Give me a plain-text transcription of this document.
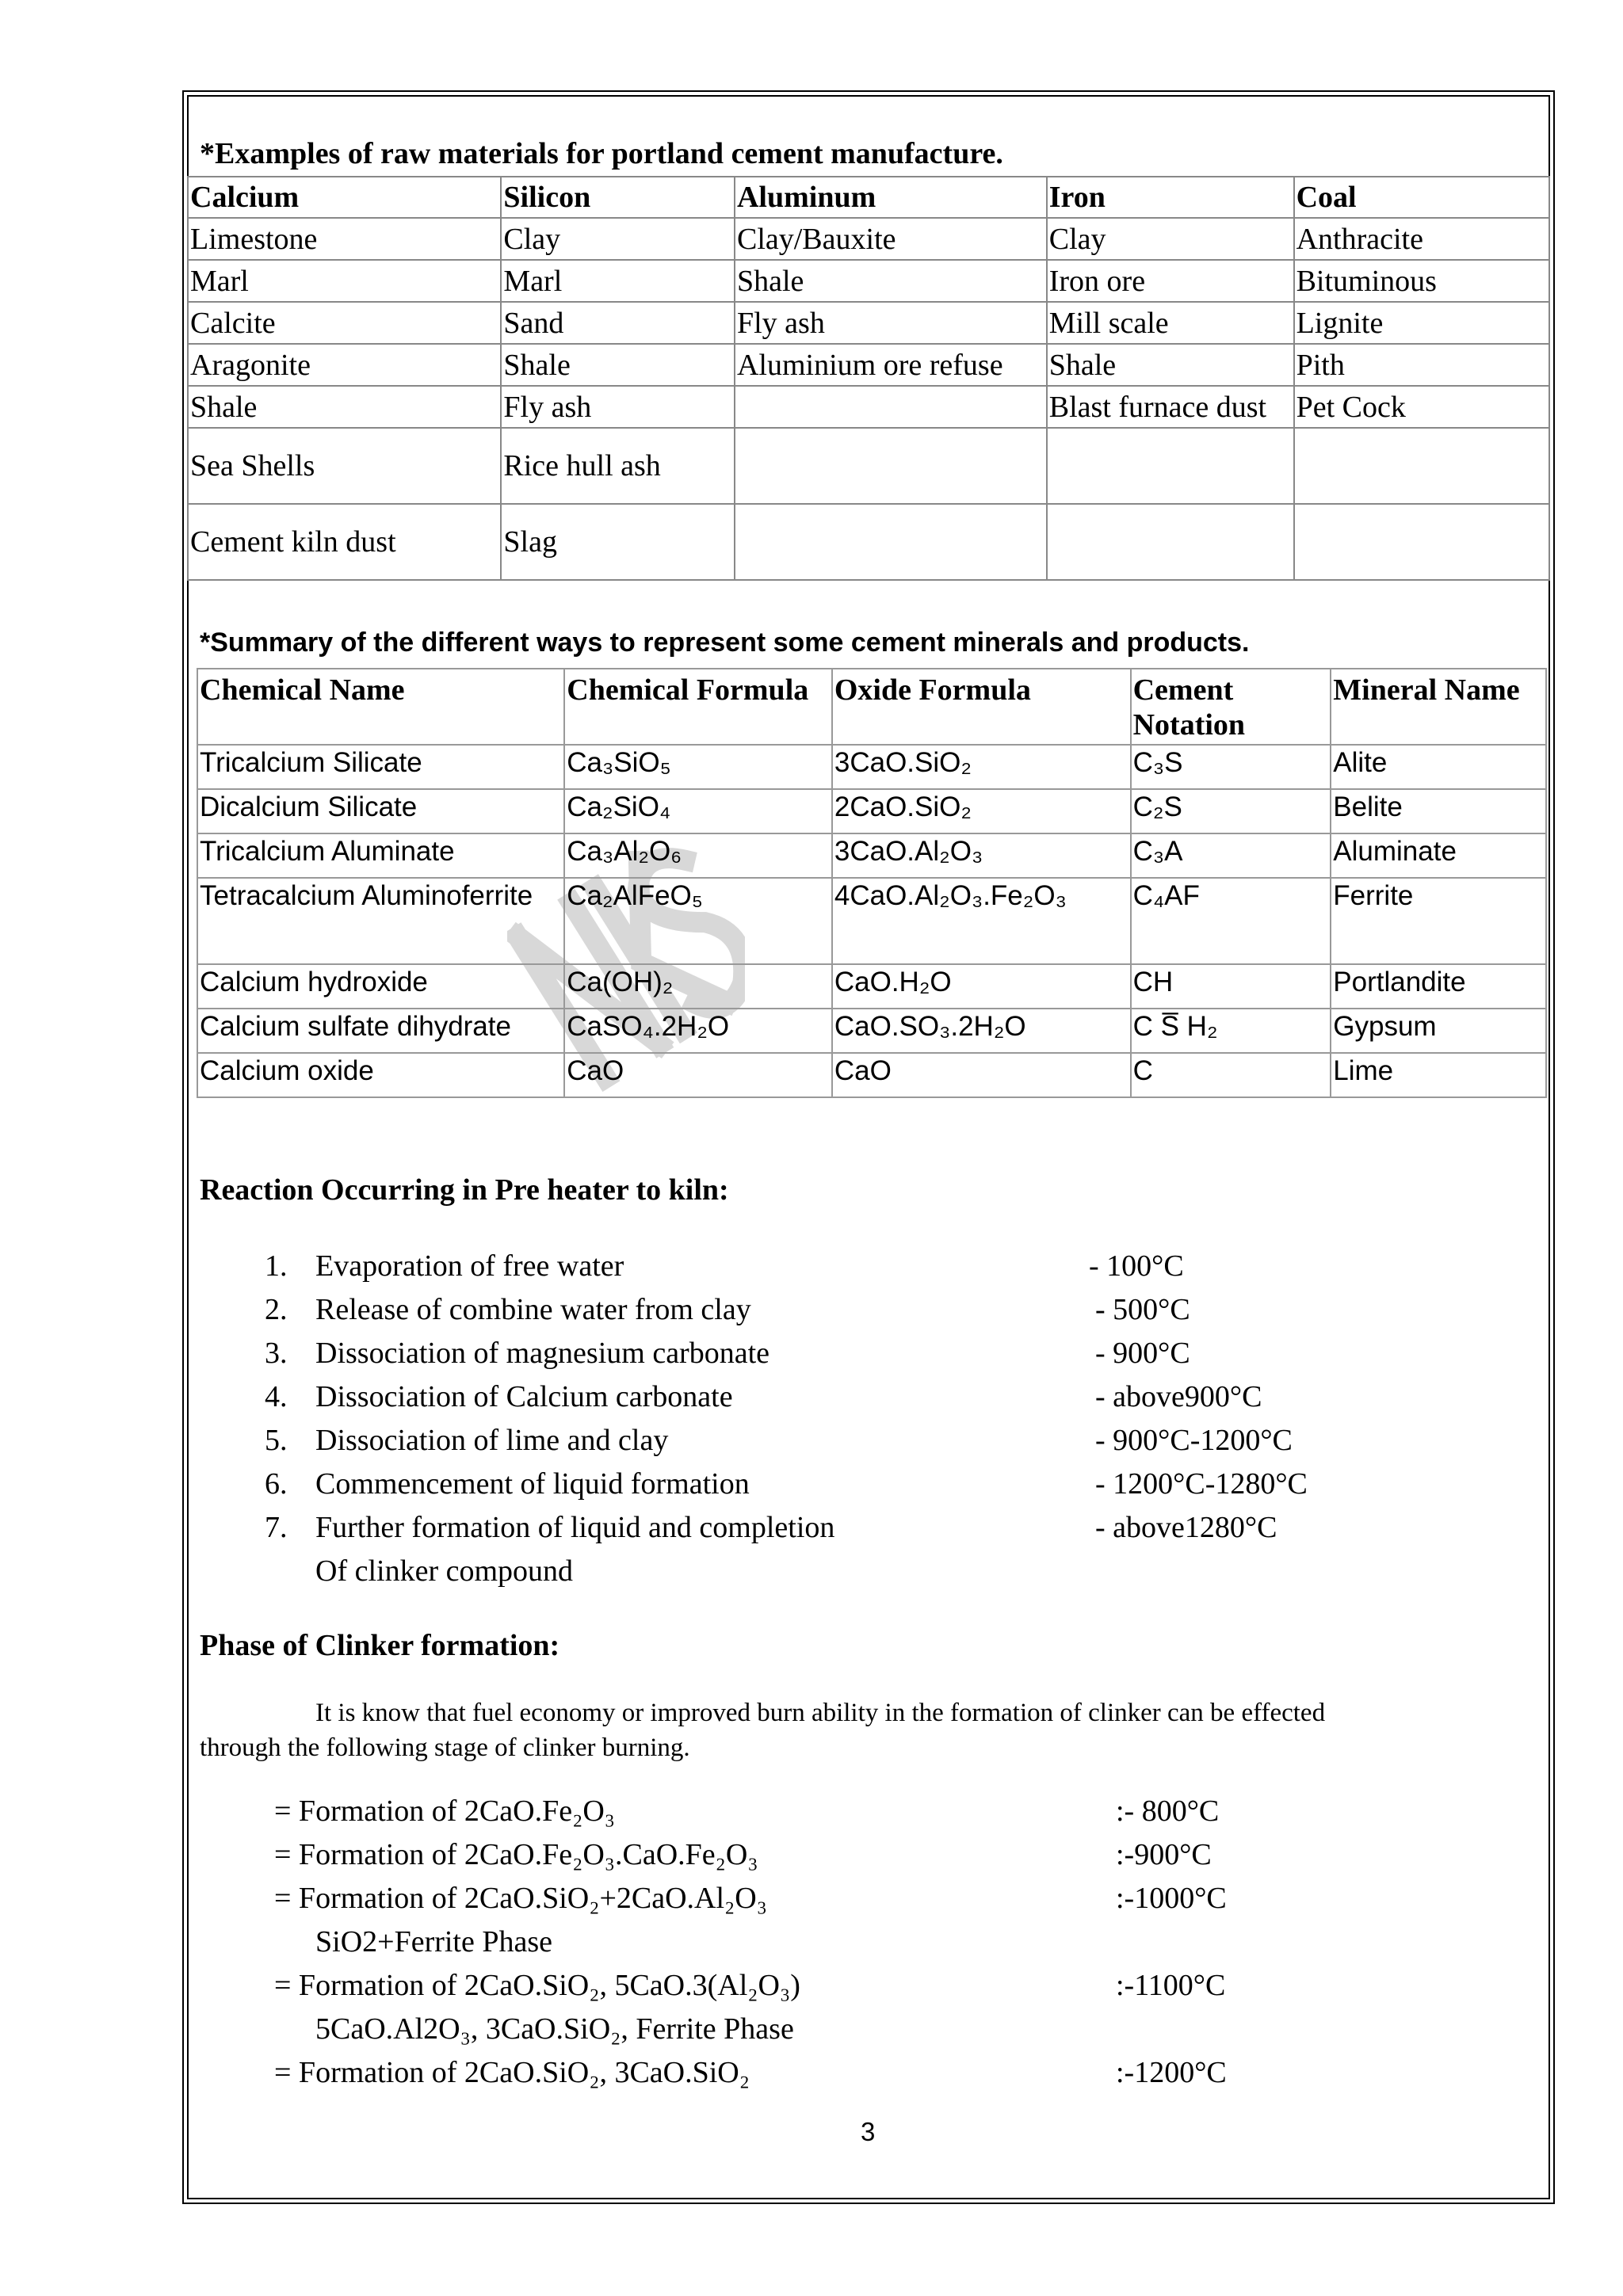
*Examples of raw materials for portland cement manufacture.
Calcium	Silicon	Aluminum	Iron	Coal
Limestone	Clay	Clay/Bauxite	Clay	Anthracite
Marl	Marl	Shale	Iron ore	Bituminous
Calcite	Sand	Fly ash	Mill scale	Lignite
Aragonite	Shale	Aluminium ore refuse	Shale	Pith
Shale	Fly ash		Blast furnace dust	Pet Cock
Sea Shells	Rice hull ash			
Cement kiln dust	Slag			
*Summary of the different ways to represent some cement minerals and products.
Chemical Name	Chemical Formula	Oxide Formula	Cement Notation	Mineral Name
Tricalcium Silicate	Ca₃SiO₅	3CaO.SiO₂	C₃S	Alite
Dicalcium Silicate	Ca₂SiO₄	2CaO.SiO₂	C₂S	Belite
Tricalcium Aluminate	Ca₃Al₂O₆	3CaO.Al₂O₃	C₃A	Aluminate
Tetracalcium Aluminoferrite	Ca₂AlFeO₅	4CaO.Al₂O₃.Fe₂O₃	C₄AF	Ferrite
Calcium hydroxide	Ca(OH)₂	CaO.H₂O	CH	Portlandite
Calcium sulfate dihydrate	CaSO₄.2H₂O	CaO.SO₃.2H₂O	C S̅ H₂	Gypsum
Calcium oxide	CaO	CaO	C	Lime
Reaction Occurring in Pre heater to kiln:
1. Evaporation of free water	- 100°C
2. Release of combine water from clay	- 500°C
3. Dissociation of magnesium carbonate	- 900°C
4. Dissociation of Calcium carbonate	- above900°C
5. Dissociation of lime and clay	- 900°C-1200°C
6. Commencement of liquid formation	- 1200°C-1280°C
7. Further formation of liquid and completion	- above1280°C
Of clinker compound
Phase of Clinker formation:
It is know that fuel economy or improved burn ability in the formation of clinker can be effected
through the following stage of clinker burning.
= Formation of 2CaO.Fe₂O₃	:- 800°C
= Formation of 2CaO.Fe₂O₃.CaO.Fe₂O₃	:-900°C
= Formation of 2CaO.SiO₂+2CaO.Al₂O₃	:-1000°C
SiO2+Ferrite Phase
= Formation of 2CaO.SiO₂, 5CaO.3(Al₂O₃)	:-1100°C
5CaO.Al2O₃, 3CaO.SiO₂, Ferrite Phase
= Formation of 2CaO.SiO₂, 3CaO.SiO₂	:-1200°C
3
